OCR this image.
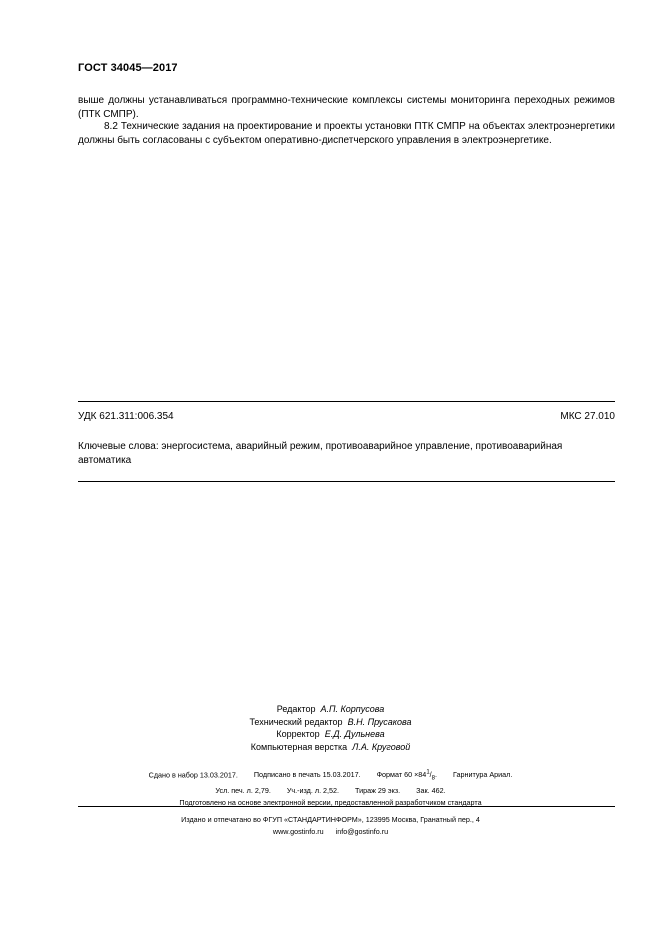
ГОСТ 34045—2017
выше должны устанавливаться программно-технические комплексы системы мониторинга переходных режимов (ПТК СМПР).
8.2 Технические задания на проектирование и проекты установки ПТК СМПР на объектах электроэнергетики должны быть согласованы с субъектом оперативно-диспетчерского управления в электроэнергетике.
УДК 621.311:006.354	МКС 27.010
Ключевые слова: энергосистема, аварийный режим, противоаварийное управление, противоаварийная автоматика
Редактор А.П. Корпусова
Технический редактор В.Н. Прусакова
Корректор Е.Д. Дульнева
Компьютерная верстка Л.А. Круговой
Сдано в набор 13.03.2017. Подписано в печать 15.03.2017. Формат $60 \times 84^1/_8$. Гарнитура Ариал.
Усл. печ. л. 2,79. Уч.-изд. л. 2,52. Тираж 29 экз. Зак. 462.
Подготовлено на основе электронной версии, предоставленной разработчиком стандарта
Издано и отпечатано во ФГУП «СТАНДАРТИНФОРМ», 123995 Москва, Гранатный пер., 4
www.gostinfo.ru info@gostinfo.ru
